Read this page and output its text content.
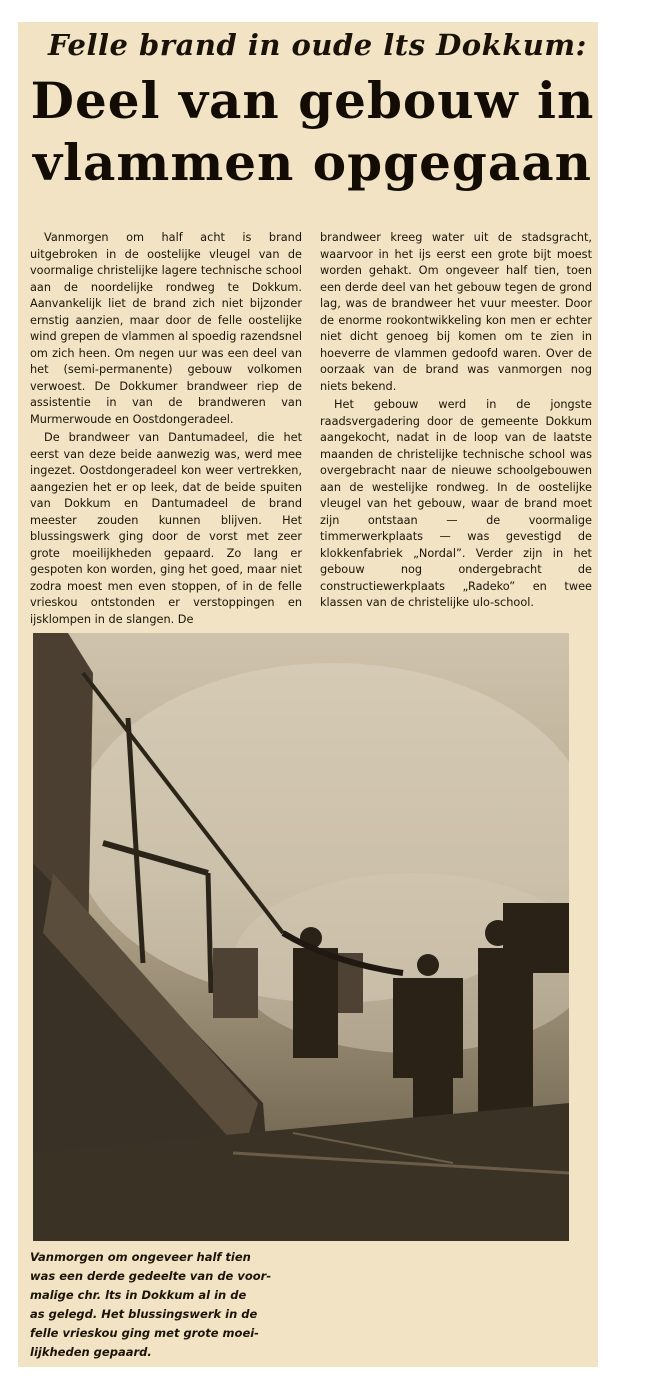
Felle brand in oude lts Dokkum:
Deel van gebouw in
vlammen opgegaan

Vanmorgen om half acht is brand uitgebroken in de oostelijke vleugel van de voormalige christelijke lagere technische school aan de noordelijke rondweg te Dokkum. Aanvankelijk liet de brand zich niet bijzonder ernstig aanzien, maar door de felle oostelijke wind grepen de vlammen al spoedig razendsnel om zich heen. Om negen uur was een deel van het (semi-permanente) gebouw volkomen verwoest. De Dokkumer brandweer riep de assistentie in van de brandweren van Murmerwoude en Oostdongeradeel.

De brandweer van Dantumadeel, die het eerst van deze beide aanwezig was, werd mee ingezet. Oostdongeradeel kon weer vertrekken, aangezien het er op leek, dat de beide spuiten van Dokkum en Dantumadeel de brand meester zouden kunnen blijven. Het blussingswerk ging door de vorst met zeer grote moeilijkheden gepaard. Zo lang er gespoten kon worden, ging het goed, maar niet zodra moest men even stoppen, of in de felle vrieskou ontstonden er verstoppingen en ijsklompen in de slangen. De

brandweer kreeg water uit de stadsgracht, waarvoor in het ijs eerst een grote bijt moest worden gehakt. Om ongeveer half tien, toen een derde deel van het gebouw tegen de grond lag, was de brandweer het vuur meester. Door de enorme rookontwikkeling kon men er echter niet dicht genoeg bij komen om te zien in hoeverre de vlammen gedoofd waren. Over de oorzaak van de brand was vanmorgen nog niets bekend.

Het gebouw werd in de jongste raadsvergadering door de gemeente Dokkum aangekocht, nadat in de loop van de laatste maanden de christelijke technische school was overgebracht naar de nieuwe schoolgebouwen aan de westelijke rondweg. In de oostelijke vleugel van het gebouw, waar de brand moet zijn ontstaan — de voormalige timmerwerkplaats — was gevestigd de klokkenfabriek „Nordal”. Verder zijn in het gebouw nog ondergebracht de constructiewerkplaats „Radeko” en twee klassen van de christelijke ulo-school.

Vanmorgen om ongeveer half tien
was een derde gedeelte van de voor-
malige chr. lts in Dokkum al in de
as gelegd. Het blussingswerk in de
felle vrieskou ging met grote moei-
lijkheden gepaard.
